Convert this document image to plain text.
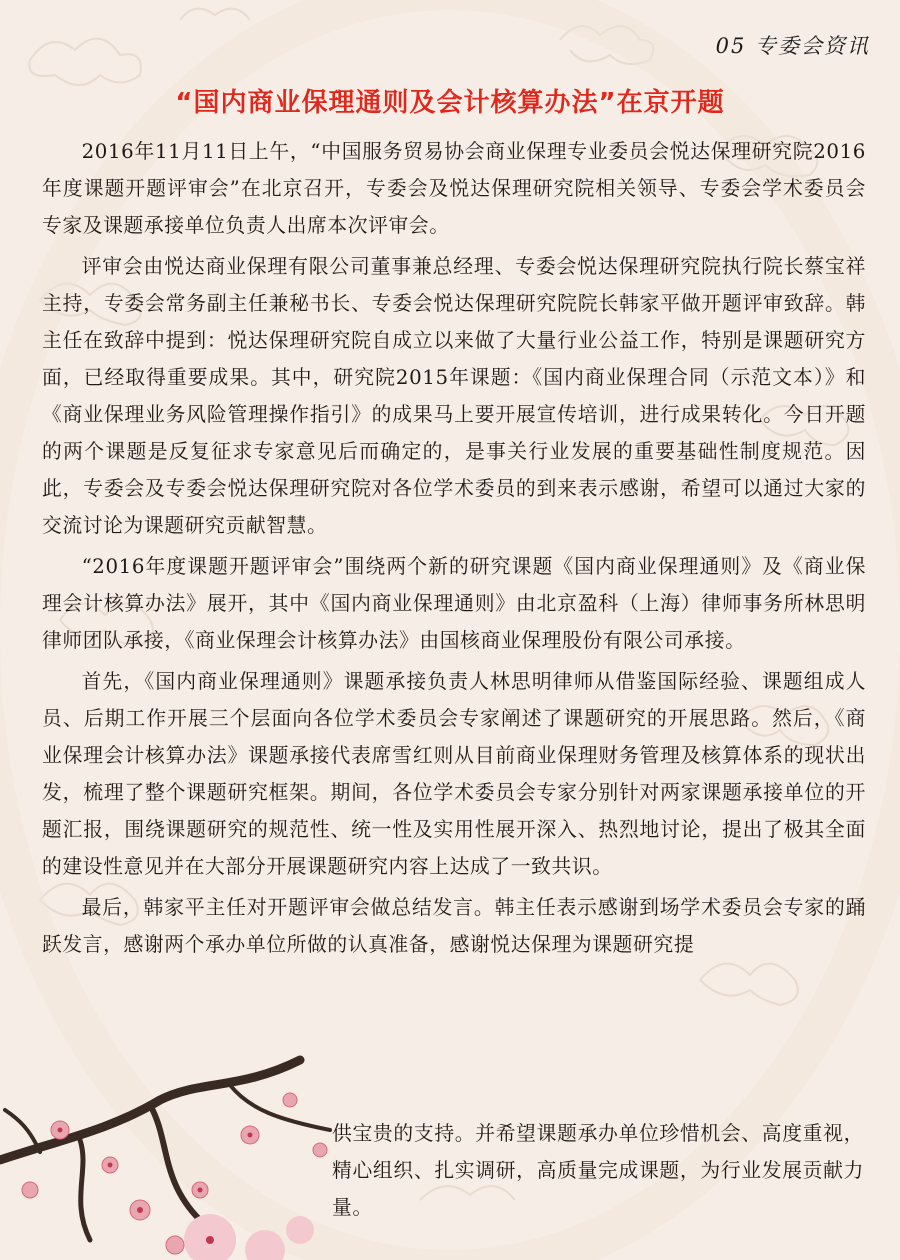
05 专委会资讯
“国内商业保理通则及会计核算办法”在京开题

2016年11月11日上午，“中国服务贸易协会商业保理专业委员会悦达保理研究院2016年度课题开题评审会”在北京召开，专委会及悦达保理研究院相关领导、专委会学术委员会专家及课题承接单位负责人出席本次评审会。

评审会由悦达商业保理有限公司董事兼总经理、专委会悦达保理研究院执行院长蔡宝祥主持，专委会常务副主任兼秘书长、专委会悦达保理研究院院长韩家平做开题评审致辞。韩主任在致辞中提到：悦达保理研究院自成立以来做了大量行业公益工作，特别是课题研究方面，已经取得重要成果。其中，研究院2015年课题：《国内商业保理合同（示范文本）》和《商业保理业务风险管理操作指引》的成果马上要开展宣传培训，进行成果转化。今日开题的两个课题是反复征求专家意见后而确定的，是事关行业发展的重要基础性制度规范。因此，专委会及专委会悦达保理研究院对各位学术委员的到来表示感谢，希望可以通过大家的交流讨论为课题研究贡献智慧。

“2016年度课题开题评审会”围绕两个新的研究课题《国内商业保理通则》及《商业保理会计核算办法》展开，其中《国内商业保理通则》由北京盈科（上海）律师事务所林思明律师团队承接，《商业保理会计核算办法》由国核商业保理股份有限公司承接。

首先，《国内商业保理通则》课题承接负责人林思明律师从借鉴国际经验、课题组成人员、后期工作开展三个层面向各位学术委员会专家阐述了课题研究的开展思路。然后，《商业保理会计核算办法》课题承接代表席雪红则从目前商业保理财务管理及核算体系的现状出发，梳理了整个课题研究框架。期间，各位学术委员会专家分别针对两家课题承接单位的开题汇报，围绕课题研究的规范性、统一性及实用性展开深入、热烈地讨论，提出了极其全面的建设性意见并在大部分开展课题研究内容上达成了一致共识。

最后，韩家平主任对开题评审会做总结发言。韩主任表示感谢到场学术委员会专家的踊跃发言，感谢两个承办单位所做的认真准备，感谢悦达保理为课题研究提

供宝贵的支持。并希望课题承办单位珍惜机会、高度重视，精心组织、扎实调研，高质量完成课题，为行业发展贡献力量。
